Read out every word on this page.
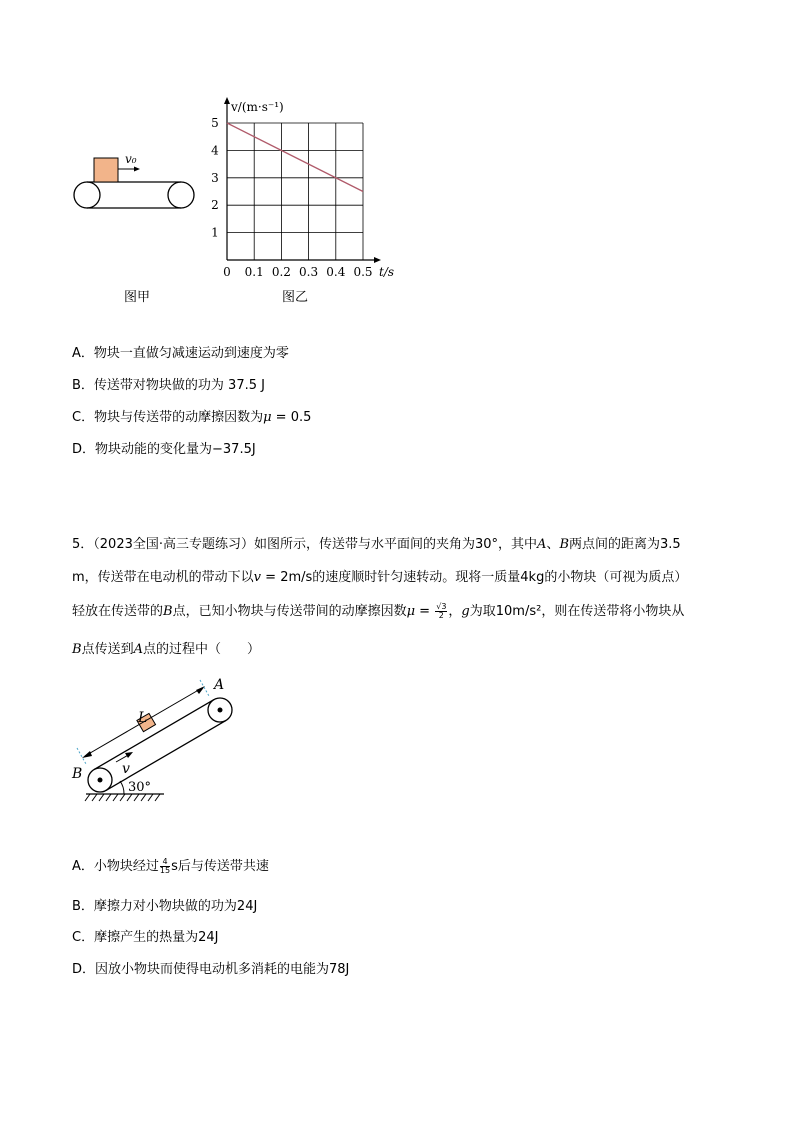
v₀
图甲
0 0.1 0.2 0.3 0.4 0.5
1
2
3
4
5
v/(m·s⁻¹)
t/s
图乙
A．物块一直做匀减速运动到速度为零
B．传送带对物块做的功为 37.5 J
C．物块与传送带的动摩擦因数为μ = 0.5
D．物块动能的变化量为−37.5J
5．（2023全国·高三专题练习）如图所示，传送带与水平面间的夹角为30°，其中A、B两点间的距离为3.5
m，传送带在电动机的带动下以v = 2m/s的速度顺时针匀速转动。现将一质量4kg的小物块（可视为质点）
轻放在传送带的B点，已知小物块与传送带间的动摩擦因数$\mu = \frac{√3}{2}$ ，g为取10m/s²，则在传送带将小物块从
B点传送到A点的过程中（　　）
A
B
L
v
30°
A．小物块经过 $\frac{4}{15}$ s后与传送带共速
B．摩擦力对小物块做的功为24J
C．摩擦产生的热量为24J
D．因放小物块而使得电动机多消耗的电能为78J
